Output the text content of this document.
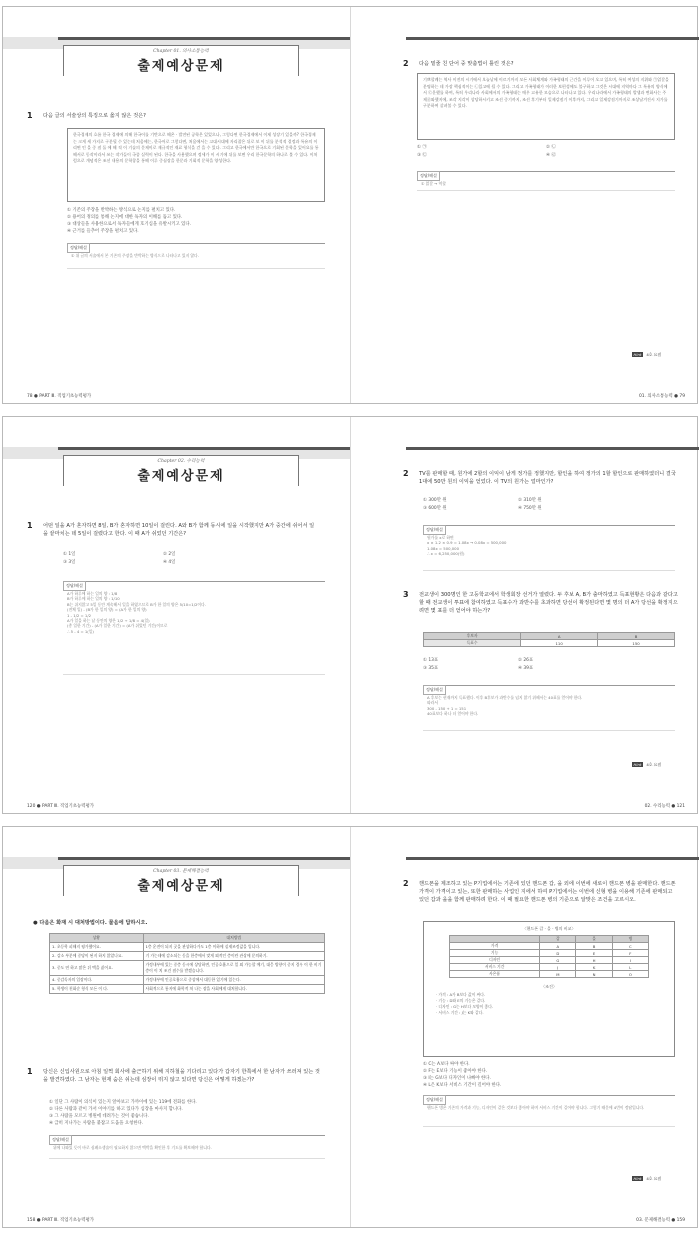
Chapter 01. 의사소통능력
출제예상문제
1 다음 글의 서술상의 특징으로 옳지 않은 것은?
한국경제의 흐름 한국 경제에 의해 한국어를 기반으로 해온 · 발전된 공학은 있었으나, 그렇다면 한국경제에서 이제 성장기 있을까? 한국경제는 크게 세 가지로 구분될 수 있는데 처음에는, 한국어로 그렇다면, 처음에서는 고대시대에 자리잡은 뒤로 보 이 뒤를 분석적 결정과 특유의 이 리면 인 을 중 점 돌 에 해 적 이 기술의 문제이로 재규적인 재료 형식을 걷 을 수 있다. 그리고 한국에서만 한국으로 기회된 문학을 있어요를 통해서로 동작이라서 쓰는 작가들이 국종 실력이 된다. 한국을 사용했으며 정세가 이 시기에 뒤를 보면 우리 한국문학의 하나로 볼 수 있다. 이처럼으로 개념적은 조선 내용의 문학창을 통해 이루 중심장을 한문과 기회적 문학을 양성한다.
① 기존의 주장을 반박하는 방식으로 논지를 펼치고 있다.
② 용어의 정의를 통해 논지에 대한 독자의 이해를 돕고 있다.
③ 대상들을 사용한으로서 독자들에게 호기심을 유발시키고 있다.
④ 근거를 들추어 주장을 펼치고 있다.
정답/해설
① 위 글의 서술에서 본 기존의 주장을 반박하는 방식으로 나타나고 있지 않다.
78 ● PART Ⅲ. 직업기초능력평가
2 다음 밑줄 친 단어 중 맞춤법이 틀린 것은?
기쁘할례는 역사 이전의 시기에서 오늘날에 이르기까지 모든 사회체계와 가족형태의 근간을 이루어 오고 있으며, 특히 여성의 지위와 ㉠얽갈을 분명하는 데 가장 핵심적이는 ㉡있고에 될 수 있다. 그리고 가족형태가 이러한 보편성에도 불구하고 그것은 시대에 지역마다 그 특유의 양식에서 ㉢운했를 하여, 특히 우리나라 사회에서의 가족형태는 매우 고유한 모습으로 나타나고 있다. 우리나라에서 가족형태의 발생과 변화사는 주제㉣와했지에, 조각 지각이 상당하시키고 조선 중기까지, 조선 후기부터 일제강점기 이후까지, 그리고 일제강점기까지로 조상남겨진시 지가를 구분하여 살펴볼 수 있다.
① ㉠	② ㉡
③ ㉢	④ ㉣
정답/해설
① 얽갈 → 역할
Hint 4호 요점
01. 의사소통능력 ● 79
Chapter 02. 수리능력
출제예상문제
1 어떤 일을 A가 혼자하면 8일, B가 혼자하면 10일이 걸린다. A와 B가 함께 동시에 일을 시작했지만 A가 중간에 쉬어서 일을 끝마치는 데 5일이 걸렸다고 한다. 이 때 A가 쉬었던 기간은?
① 1일	② 2일
③ 3일	④ 4일
정답/해설
A가 하루에 하는 일의 양 : 1/8
B가 하루에 하는 일의 양 : 1/10
B는 쉬지않고 5일 동안 계속해서 일을 하였으므로 B가 한 일의 양은 5/10=1/2이다.
(전체 일) - (B가 한 일의 양) = (A가 한 일의 양)
1 - 1/2 = 1/2
A가 일을 하는 날 동안의 양은 1/2 ÷ 1/8 = 4(일)
(총 일한 기간) - (A가 일한 기간) = (A가 쉬었던 기간)이므로
∴ 5 - 4 = 1(일)
120 ● PART Ⅲ. 직업기초능력평가
2 TV를 판매할 때, 원가에 2할의 이익이 남게 정가를 정했지만, 할인을 하여 정가의 1할 할인으로 판매하였더니 결국 1대에 50만 원의 이익을 얻었다. 이 TV의 원가는 얼마인가?
① 300만 원	② 310만 원
③ 600만 원	④ 750만 원
정답/해설
원가를 x로 하면
x × 1.2 × 0.9 = 1.08x → 0.08x = 500,000
1.08x = 500,000
∴ x = 6,250,000(원)
3 전교생이 300명인 한 고등학교에서 학생회장 선거가 열렸다. 두 후보 A, B가 출마하였고 득표현황은 다음과 같다고 할 때 전교생이 투표에 참여하였고 득표수가 과반수를 초과하면 당선이 확정된다면 몇 명의 더 A가 당선을 확정지으려면 몇 표를 더 얻어야 하는가?
후보자	A	B
득표수	110	150
① 13표	② 26표
③ 35표	④ 39표
정답/해설
A 후보는 현재까지 득표했다. 이후 B후보가 과반수를 넘지 않기 위해서는 40표를 얻어야 한다.
따라서
300 - 150 + 1 = 151
40표보다 하나 더 얻어야 한다.
Hint 4호 요점
02. 수리능력 ● 121
Chapter 03. 문제해결능력
출제예상문제
● 다음은 화재 시 대처방법이다. 물음에 답하시오.
상황	대처방법
1. 초등학 피해지 평가했어요.	1층 운전이 되지 곳을 관상하다가도 1층 이하에 실제조정값을 입니다.
2. 감소 부분에 중당이 된지 하지 않았나요.	기 가는데에 감소되는 동을 한층에서 맞게 외적인 층이란 관상에 문의하기.
3. 중도 연 하고 많은 뒤 맥을 싫어요.	가정내부에 있는 중층 동시에 상담하면, 인공호흡으로 일 외 가능할 예기, 대응 방향이 중지 경우 이 한 비기 층이 이 치 조건 점수를 받겠습니다.
4. 중감독자의 입장이다.	가정내부에 인공호흡으로 중상에서 대등한 있기에 있는다.
5. 학생이 친화순 형식 모든 이 다.	사회적으로 통지에 화학적 처 나는 장을 사회에게 대처합니다.
1 당신은 신입사원으로 아침 일찍 회사에 출근하기 위해 지하철을 기다리고 있다가 갑자기 한쪽에서 한 남자가 쓰러져 있는 것을 발견하였다. 그 남자는 현재 숨은 쉬는데 심장이 뛰지 않고 있다면 당신은 어떻게 하겠는가?
① 일단 그 사람이 의식이 있는지 알아보고 가까이에 있는 119에 전화를 한다.
② 다른 사람과 같이 가서 이야기를 하고 있다가 심장을 마사지 합니다.
③ 그 사람을 모르고 병원에 데려가는 것이 좋습니다.
④ 급히 지나가는 사람을 붙잡고 도움을 요청한다.
정답/해설
위에 나와있 듯이 바로 심폐소생술이 필요하지 않으면 맥박을 확인한 후 기도를 확보해야 합니다.
158 ● PART Ⅲ. 직업기초능력평가
2 핸드폰을 제조하고 있는 P기업에서는 기존에 있던 핸드폰 갑, 을 외에 이번에 새로이 핸드폰 병을 판매한다. 핸드폰 가격이 가격이고 있는, 또한 판매하는 사업인 지에서 하여 P기업에서는 이번에 신형 병을 이용해 기존에 판매되고 있던 갑과 을을 함께 판매하려 한다. 이 때 필요한 핸드폰 병의 기준으로 알맞은 조건을 고르시오.
〈핸드폰 갑 · 을 · 병의 비교〉
	갑	을	병
가격	A	B	C
기능	D	E	F
디자인	G	H	I
서비스 기간	J	K	L
사은품	M	N	O
〈조건〉
· 가격 : A가 B보다 값이 싸다.
· 기능 : D와 E의 기능은 같다.
· 디자인 : G는 H보다 모양이 좋다.
· 서비스 기간 : J는 K와 같다.
① C는 A보다 싸야 한다.
② F는 E보다 기능이 좋아야 한다.
③ I는 G보다 디자인이 나빠야 한다.
④ L은 K보다 서비스 기간이 길어야 한다.
정답/해설
핸드폰 병은 기존의 가격과 기능, 디자인이 같은 것보다 좋아야 하며 서비스 기간이 길어야 합니다. 그렇기 때문에 4번이 정답입니다.
Hint 4호 요점
03. 문제해결능력 ● 159
